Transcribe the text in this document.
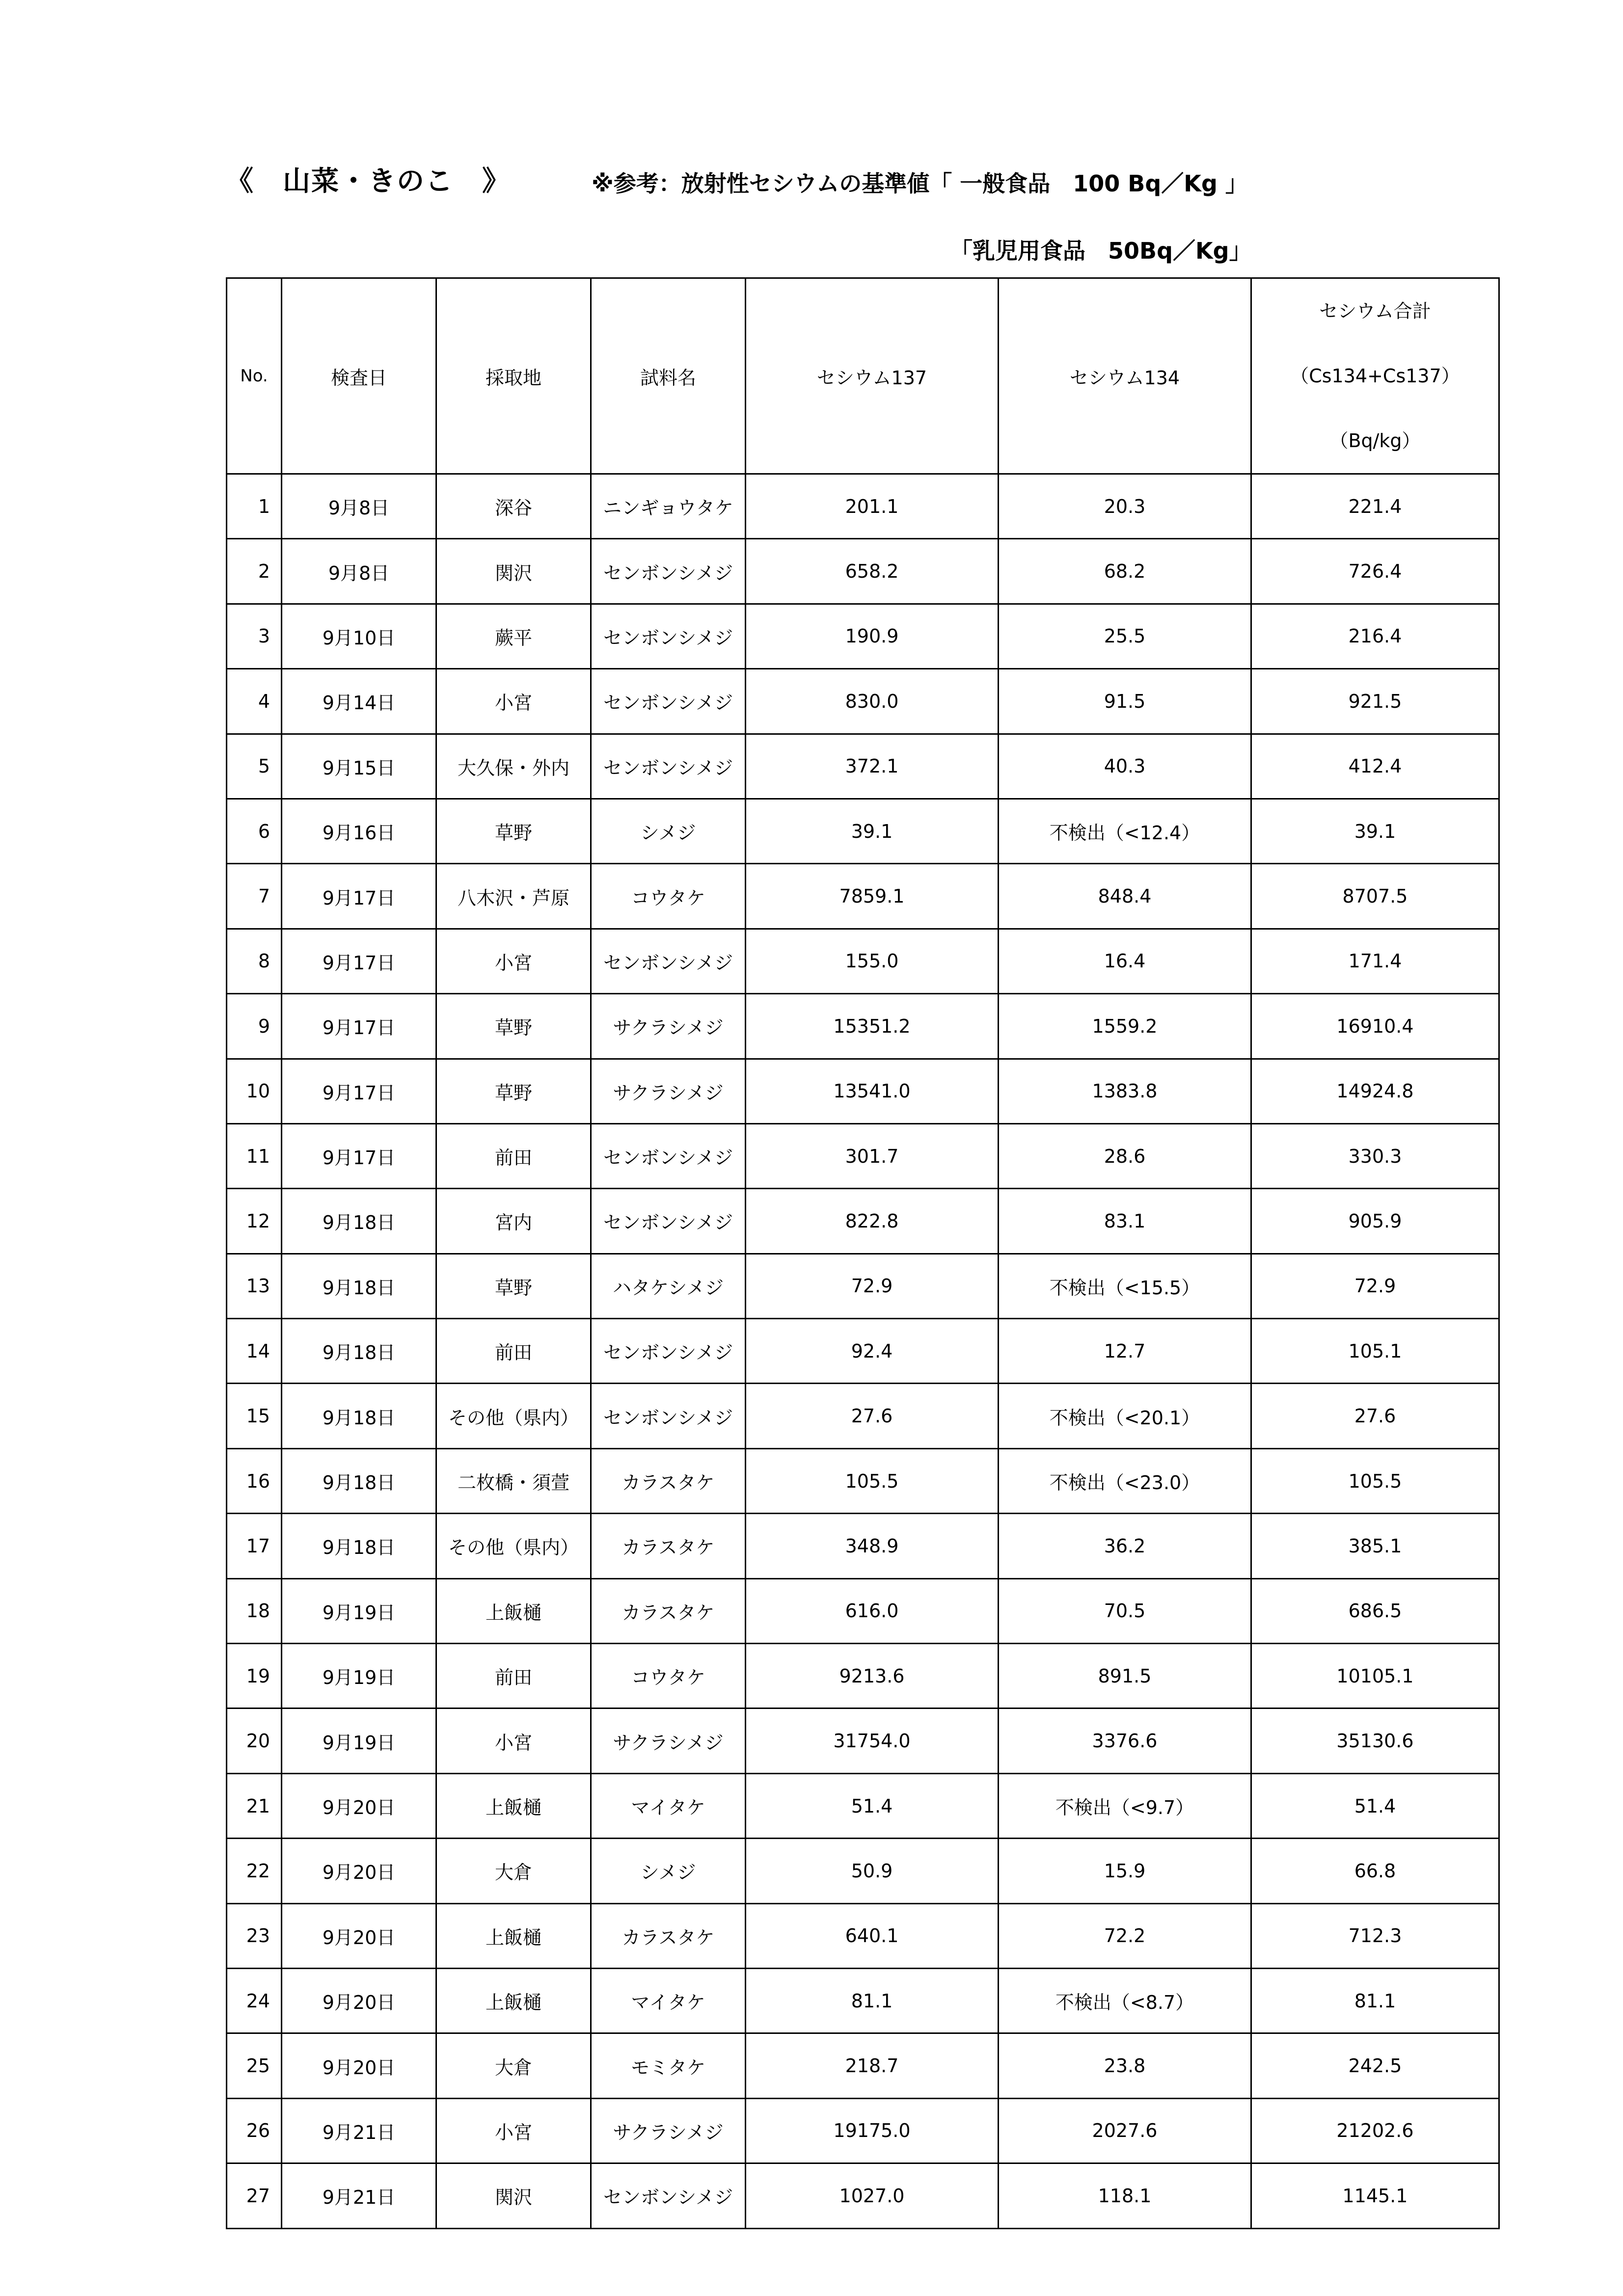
《　山菜・きのこ　》	※参考：放射性セシウムの基準値「 一般食品　100 Bq／Kg 」
「乳児用食品　50Bq／Kg」
No.	検査日	採取地	試料名	セシウム137	セシウム134	セシウム合計
（Cs134+Cs137）
（Bq/kg）

1	9月8日	深谷	ニンギョウタケ	201.1	20.3	221.4
2	9月8日	関沢	センボンシメジ	658.2	68.2	726.4
3	9月10日	蕨平	センボンシメジ	190.9	25.5	216.4
4	9月14日	小宮	センボンシメジ	830.0	91.5	921.5
5	9月15日	大久保・外内	センボンシメジ	372.1	40.3	412.4
6	9月16日	草野	シメジ	39.1	不検出（<12.4）	39.1
7	9月17日	八木沢・芦原	コウタケ	7859.1	848.4	8707.5
8	9月17日	小宮	センボンシメジ	155.0	16.4	171.4
9	9月17日	草野	サクラシメジ	15351.2	1559.2	16910.4
10	9月17日	草野	サクラシメジ	13541.0	1383.8	14924.8
11	9月17日	前田	センボンシメジ	301.7	28.6	330.3
12	9月18日	宮内	センボンシメジ	822.8	83.1	905.9
13	9月18日	草野	ハタケシメジ	72.9	不検出（<15.5）	72.9
14	9月18日	前田	センボンシメジ	92.4	12.7	105.1
15	9月18日	その他（県内）	センボンシメジ	27.6	不検出（<20.1）	27.6
16	9月18日	二枚橋・須萱	カラスタケ	105.5	不検出（<23.0）	105.5
17	9月18日	その他（県内）	カラスタケ	348.9	36.2	385.1
18	9月19日	上飯樋	カラスタケ	616.0	70.5	686.5
19	9月19日	前田	コウタケ	9213.6	891.5	10105.1
20	9月19日	小宮	サクラシメジ	31754.0	3376.6	35130.6
21	9月20日	上飯樋	マイタケ	51.4	不検出（<9.7）	51.4
22	9月20日	大倉	シメジ	50.9	15.9	66.8
23	9月20日	上飯樋	カラスタケ	640.1	72.2	712.3
24	9月20日	上飯樋	マイタケ	81.1	不検出（<8.7）	81.1
25	9月20日	大倉	モミタケ	218.7	23.8	242.5
26	9月21日	小宮	サクラシメジ	19175.0	2027.6	21202.6
27	9月21日	関沢	センボンシメジ	1027.0	118.1	1145.1
